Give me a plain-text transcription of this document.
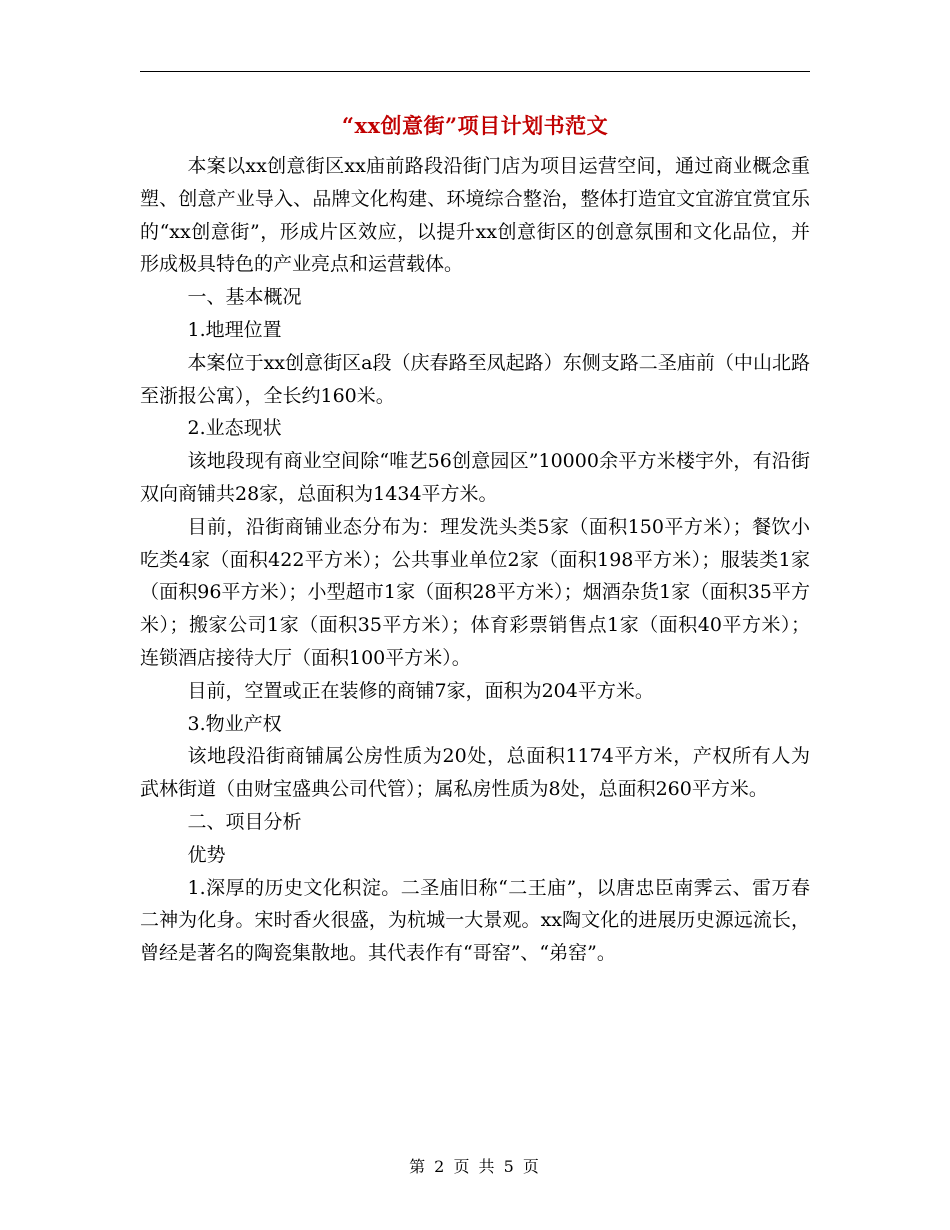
“xx创意街”项目计划书范文

本案以xx创意街区xx庙前路段沿街门店为项目运营空间，通过商业概念重塑、创意产业导入、品牌文化构建、环境综合整治，整体打造宜文宜游宜赏宜乐的“xx创意街”，形成片区效应，以提升xx创意街区的创意氛围和文化品位，并形成极具特色的产业亮点和运营载体。

一、基本概况

1.地理位置

本案位于xx创意街区a段（庆春路至凤起路）东侧支路二圣庙前（中山北路至浙报公寓），全长约160米。

2.业态现状

该地段现有商业空间除“唯艺56创意园区”10000余平方米楼宇外，有沿街双向商铺共28家，总面积为1434平方米。

目前，沿街商铺业态分布为：理发洗头类5家（面积150平方米）；餐饮小吃类4家（面积422平方米）；公共事业单位2家（面积198平方米）；服装类1家（面积96平方米）；小型超市1家（面积28平方米）；烟酒杂货1家（面积35平方米）；搬家公司1家（面积35平方米）；体育彩票销售点1家（面积40平方米）；连锁酒店接待大厅（面积100平方米）。

目前，空置或正在装修的商铺7家，面积为204平方米。

3.物业产权

该地段沿街商铺属公房性质为20处，总面积1174平方米，产权所有人为武林街道（由财宝盛典公司代管）；属私房性质为8处，总面积260平方米。

二、项目分析

优势

1.深厚的历史文化积淀。二圣庙旧称“二王庙”，以唐忠臣南霁云、雷万春二神为化身。宋时香火很盛，为杭城一大景观。xx陶文化的进展历史源远流长，曾经是著名的陶瓷集散地。其代表作有“哥窑”、“弟窑”。

第 2 页 共 5 页
